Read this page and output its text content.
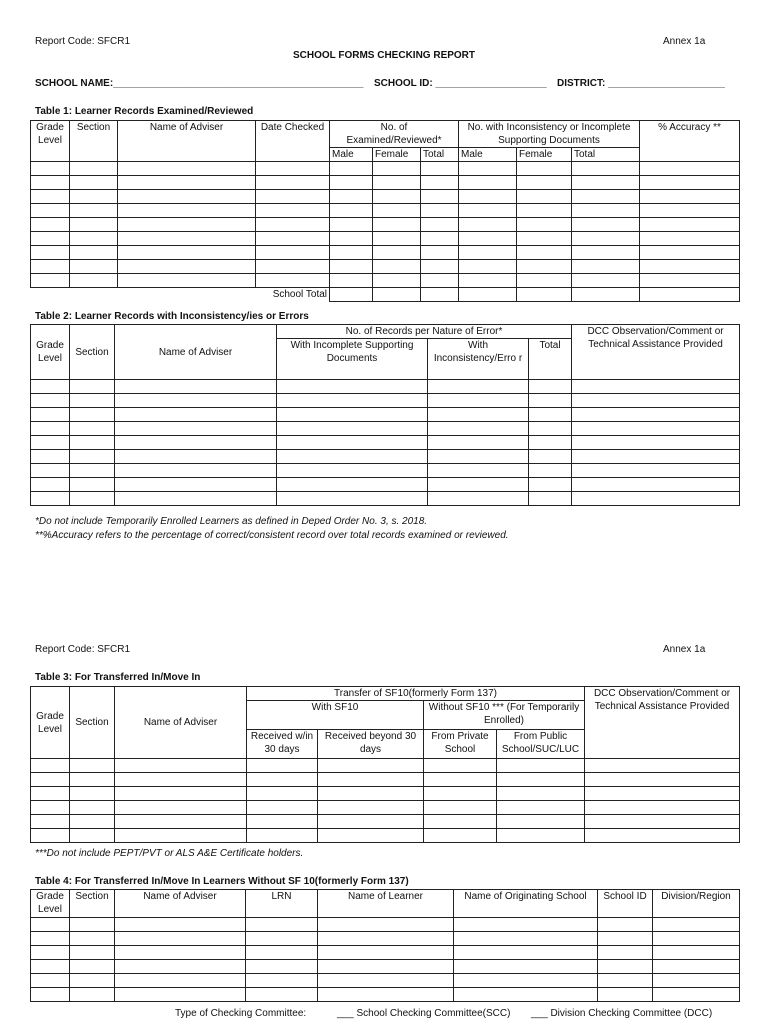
Report Code: SFCR1	Annex 1a
SCHOOL FORMS CHECKING REPORT
SCHOOL NAME:_____________________________________________ SCHOOL ID: ____________________ DISTRICT: _____________________
Table 1: Learner Records Examined/Reviewed
Grade Level	Section	Name of Adviser	Date Checked	No. of Examined/Reviewed*			No. with Inconsistency or Incomplete Supporting Documents			% Accuracy **
				Male	Female	Total	Male	Female	Total	

			School Total							
Table 2: Learner Records with Inconsistency/ies or Errors
Grade Level	Section	Name of Adviser	No. of Records per Nature of Error*			DCC Observation/Comment or Technical Assistance Provided
			With Incomplete Supporting Documents	With Inconsistency/Erro r	Total	

*Do not include Temporarily Enrolled Learners as defined in Deped Order No. 3, s. 2018.
**%Accuracy refers to the percentage of correct/consistent record over total records examined or reviewed.
Report Code: SFCR1	Annex 1a
Table 3: For Transferred In/Move In
Grade Level	Section	Name of Adviser	Transfer of SF10(formerly Form 137)				DCC Observation/Comment or Technical Assistance Provided
			With SF10		Without SF10 *** (For Temporarily Enrolled)		
			Received w/in 30 days	Received beyond 30 days	From Private School	From Public School/SUC/LUC	

***Do not include PEPT/PVT or ALS A&E Certificate holders.
Table 4: For Transferred In/Move In Learners Without SF 10(formerly Form 137)
Grade Level	Section	Name of Adviser	LRN	Name of Learner	Name of Originating School	School ID	Division/Region

Type of Checking Committee:	___ School Checking Committee(SCC) ___ Division Checking Committee (DCC)
